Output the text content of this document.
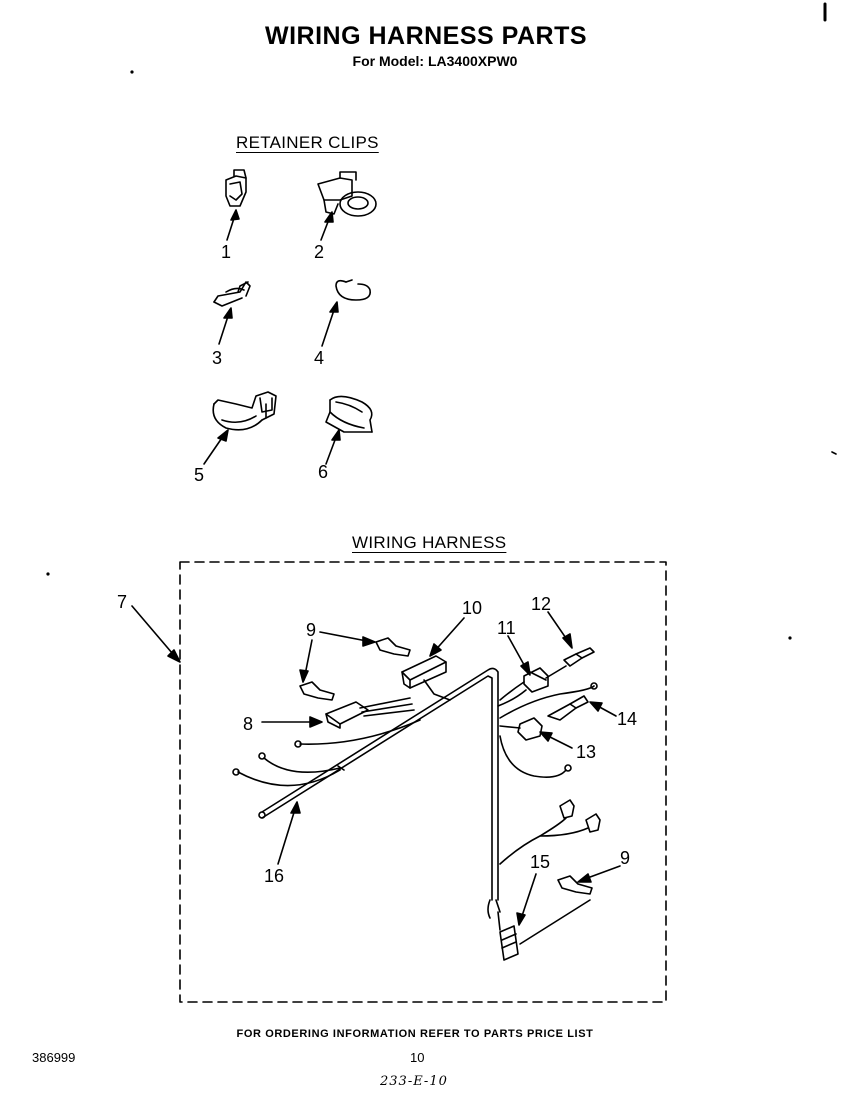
WIRING HARNESS PARTS
For Model: LA3400XPW0
RETAINER CLIPS
WIRING HARNESS
1	2
3	4
5	6
7
8
9
9
10
11
12
13
14
15
16
FOR ORDERING INFORMATION REFER TO PARTS PRICE LIST
386999	10
233-E-10
